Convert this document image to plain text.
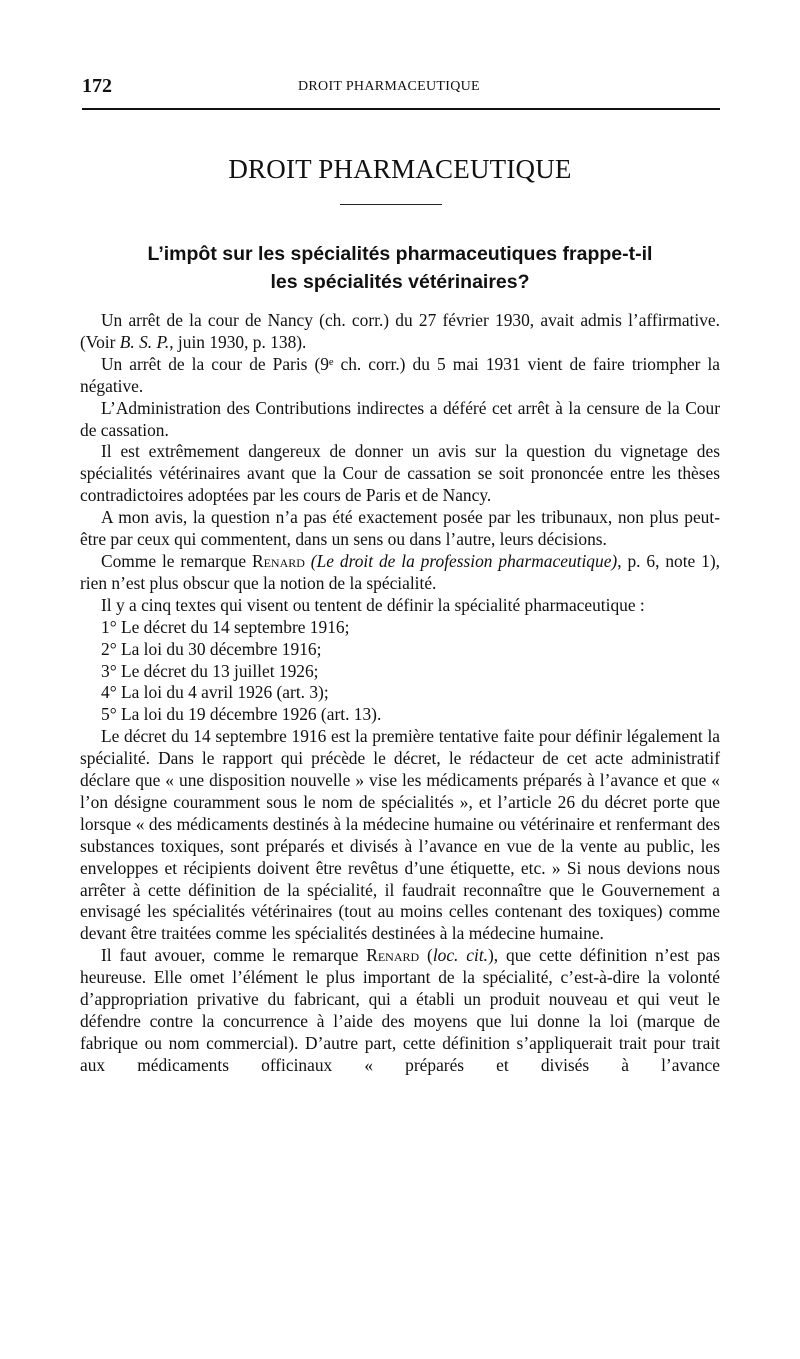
172	DROIT PHARMACEUTIQUE
DROIT PHARMACEUTIQUE
L’impôt sur les spécialités pharmaceutiques frappe-t-il
les spécialités vétérinaires?

Un arrêt de la cour de Nancy (ch. corr.) du 27 février 1930, avait admis l’affirmative. (Voir B. S. P., juin 1930, p. 138).

Un arrêt de la cour de Paris (9ᵉ ch. corr.) du 5 mai 1931 vient de faire triompher la négative.

L’Administration des Contributions indirectes a déféré cet arrêt à la censure de la Cour de cassation.

Il est extrêmement dangereux de donner un avis sur la question du vignetage des spécialités vétérinaires avant que la Cour de cassation se soit prononcée entre les thèses contradictoires adoptées par les cours de Paris et de Nancy.

A mon avis, la question n’a pas été exactement posée par les tribunaux, non plus peut-être par ceux qui commentent, dans un sens ou dans l’autre, leurs décisions.

Comme le remarque Renard (Le droit de la profession pharmaceutique), p. 6, note 1), rien n’est plus obscur que la notion de la spécialité.

Il y a cinq textes qui visent ou tentent de définir la spécialité pharmaceutique :

1° Le décret du 14 septembre 1916;

2° La loi du 30 décembre 1916;

3° Le décret du 13 juillet 1926;

4° La loi du 4 avril 1926 (art. 3);

5° La loi du 19 décembre 1926 (art. 13).

Le décret du 14 septembre 1916 est la première tentative faite pour définir légalement la spécialité. Dans le rapport qui précède le décret, le rédacteur de cet acte administratif déclare que « une disposition nouvelle » vise les médicaments préparés à l’avance et que « l’on désigne couramment sous le nom de spécialités », et l’article 26 du décret porte que lorsque « des médicaments destinés à la médecine humaine ou vétérinaire et renfermant des substances toxiques, sont préparés et divisés à l’avance en vue de la vente au public, les enveloppes et récipients doivent être revêtus d’une étiquette, etc. » Si nous devions nous arrêter à cette définition de la spécialité, il faudrait reconnaître que le Gouvernement a envisagé les spécialités vétérinaires (tout au moins celles contenant des toxiques) comme devant être traitées comme les spécialités destinées à la médecine humaine.

Il faut avouer, comme le remarque Renard (loc. cit.), que cette définition n’est pas heureuse. Elle omet l’élément le plus important de la spécialité, c’est-à-dire la volonté d’appropriation privative du fabricant, qui a établi un produit nouveau et qui veut le défendre contre la concurrence à l’aide des moyens que lui donne la loi (marque de fabrique ou nom commercial). D’autre part, cette définition s’appliquerait trait pour trait aux médicaments officinaux « préparés et divisés à l’avance
